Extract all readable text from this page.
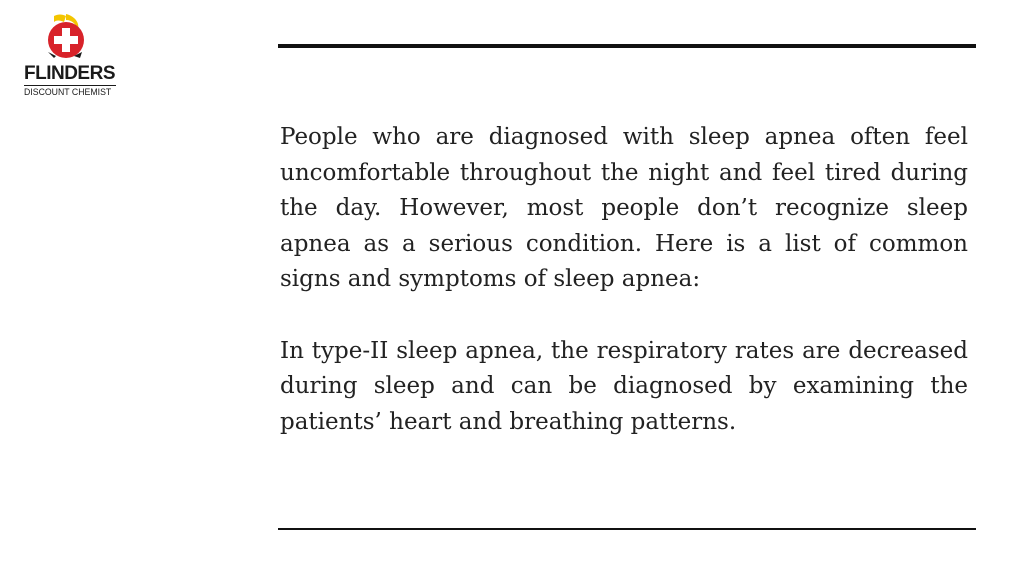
FLINDERS
DISCOUNT CHEMIST

People who are diagnosed with sleep apnea often feel uncomfortable throughout the night and feel tired during the day. However, most people don’t recognize sleep apnea as a serious condition. Here is a list of common signs and symptoms of sleep apnea:

In type-II sleep apnea, the respiratory rates are decreased during sleep and can be diagnosed by examining the patients’ heart and breathing patterns.
